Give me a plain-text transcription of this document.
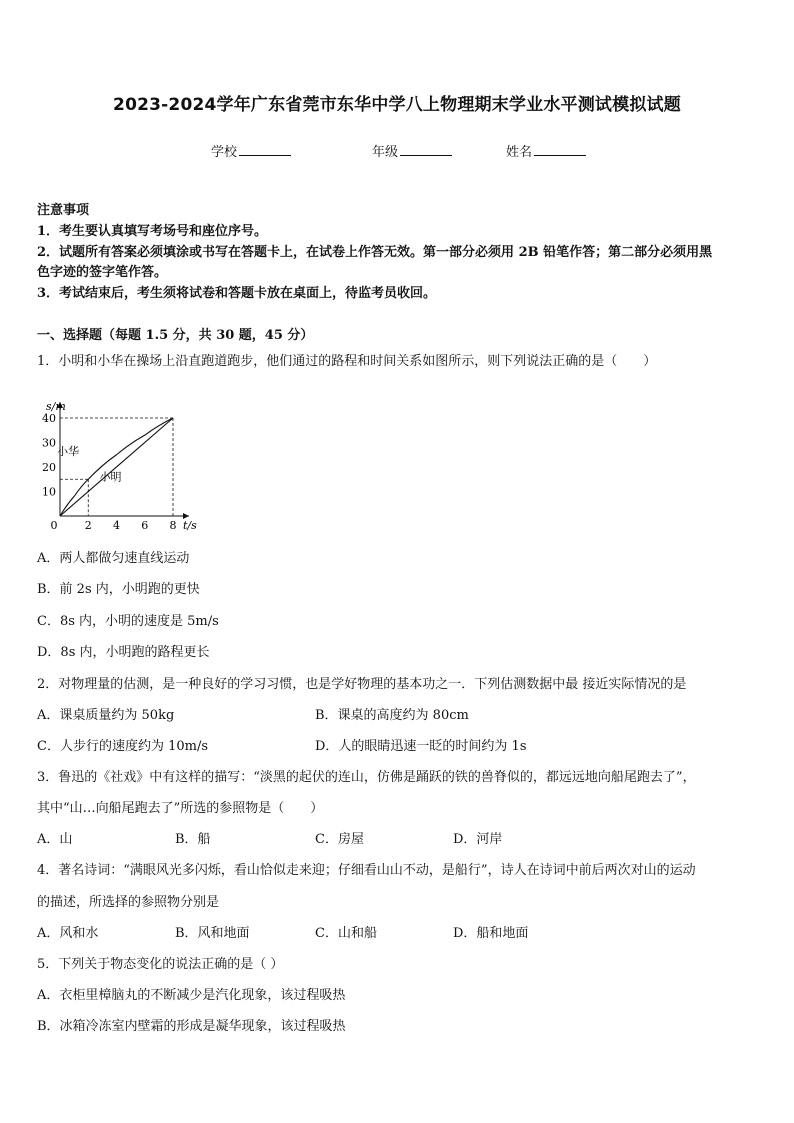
2023-2024学年广东省莞市东华中学八上物理期末学业水平测试模拟试题
学校	年级	姓名
注意事项
1．考生要认真填写考场号和座位序号。
2．试题所有答案必须填涂或书写在答题卡上，在试卷上作答无效。第一部分必须用 2B 铅笔作答；第二部分必须用黑
色字迹的签字笔作答。
3．考试结束后，考生须将试卷和答题卡放在桌面上，待监考员收回。
一、选择题（每题 1.5 分，共 30 题，45 分）
1．小明和小华在操场上沿直跑道跑步，他们通过的路程和时间关系如图所示，则下列说法正确的是（　　）
0 2 4 6 8
10
20
30
40
s/m
t/s
小华
小明
A．两人都做匀速直线运动
B．前 2s 内，小明跑的更快
C．8s 内，小明的速度是 5m/s
D．8s 内，小明跑的路程更长
2．对物理量的估测，是一种良好的学习习惯，也是学好物理的基本功之一．下列估测数据中最 接近实际情况的是
A．课桌质量约为 50kg	B．课桌的高度约为 80cm
C．人步行的速度约为 10m/s	D．人的眼睛迅速一眨的时间约为 1s
3．鲁迅的《社戏》中有这样的描写：“淡黑的起伏的连山，仿佛是踊跃的铁的兽脊似的，都远远地向船尾跑去了”，
其中“山…向船尾跑去了”所选的参照物是（　　）
A．山	B．船	C．房屋	D．河岸
4．著名诗词：“满眼风光多闪烁，看山恰似走来迎；仔细看山山不动，是船行”，诗人在诗词中前后两次对山的运动
的描述，所选择的参照物分别是
A．风和水	B．风和地面	C．山和船	D．船和地面
5．下列关于物态变化的说法正确的是（ ）
A．衣柜里樟脑丸的不断减少是汽化现象，该过程吸热
B．冰箱冷冻室内壁霜的形成是凝华现象，该过程吸热
